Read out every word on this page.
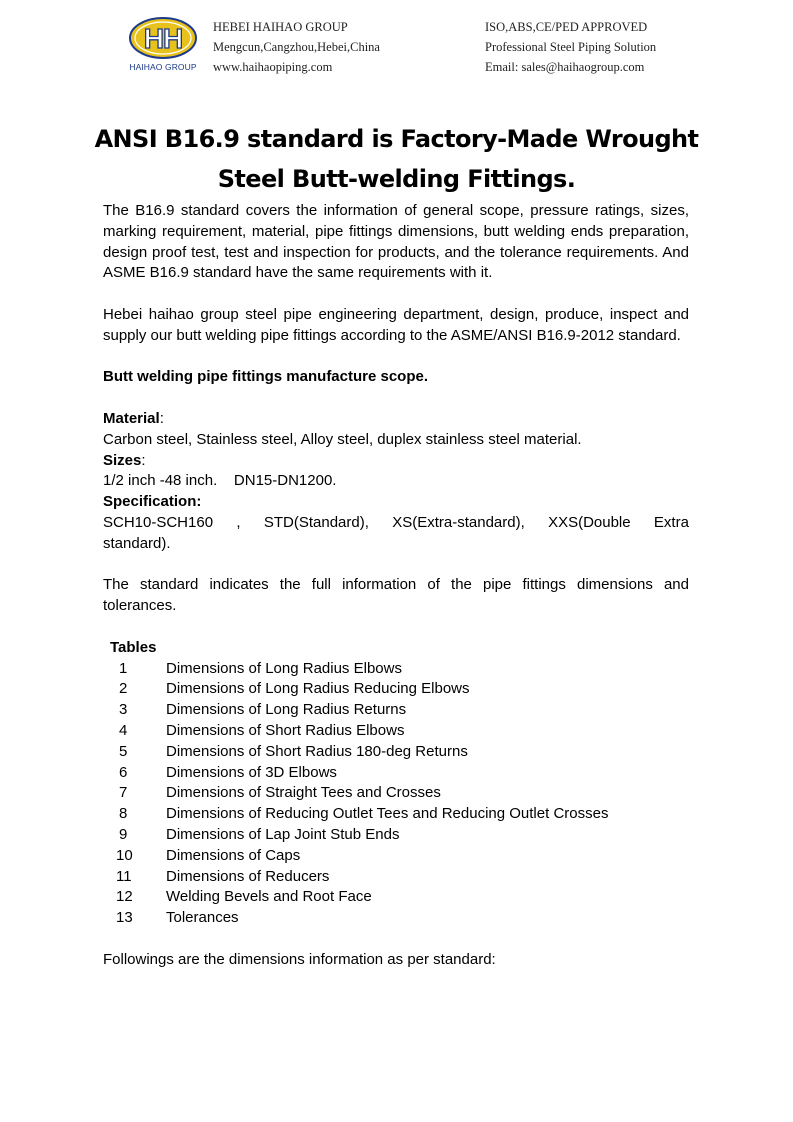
HH
HAIHAO GROUP
HEBEI HAIHAO GROUP
Mengcun,Cangzhou,Hebei,China
www.haihaopiping.com
ISO,ABS,CE/PED APPROVED
Professional Steel Piping Solution
Email: sales@haihaogroup.com
ANSI B16.9 standard is Factory-Made Wrought
Steel Butt-welding Fittings.

The B16.9 standard covers the information of general scope, pressure ratings, sizes, marking requirement, material, pipe fittings dimensions, butt welding ends preparation, design proof test, test and inspection for products, and the tolerance requirements. And ASME B16.9 standard have the same requirements with it.

Hebei haihao group steel pipe engineering department, design, produce, inspect and supply our butt welding pipe fittings according to the ASME/ANSI B16.9-2012 standard.

Butt welding pipe fittings manufacture scope.

Material:

Carbon steel, Stainless steel, Alloy steel, duplex stainless steel material.

Sizes:

1/2 inch -48 inch.    DN15-DN1200.

Specification:

SCH10-SCH160 , STD(Standard), XS(Extra-standard), XXS(Double Extra

standard).

The standard indicates the full information of the pipe fittings dimensions and tolerances.

Tables
1	Dimensions of Long Radius Elbows
2	Dimensions of Long Radius Reducing Elbows
3	Dimensions of Long Radius Returns
4	Dimensions of Short Radius Elbows
5	Dimensions of Short Radius 180-deg Returns
6	Dimensions of 3D Elbows
7	Dimensions of Straight Tees and Crosses
8	Dimensions of Reducing Outlet Tees and Reducing Outlet Crosses
9	Dimensions of Lap Joint Stub Ends
10	Dimensions of Caps
11	Dimensions of Reducers
12	Welding Bevels and Root Face
13	Tolerances

Followings are the dimensions information as per standard:
